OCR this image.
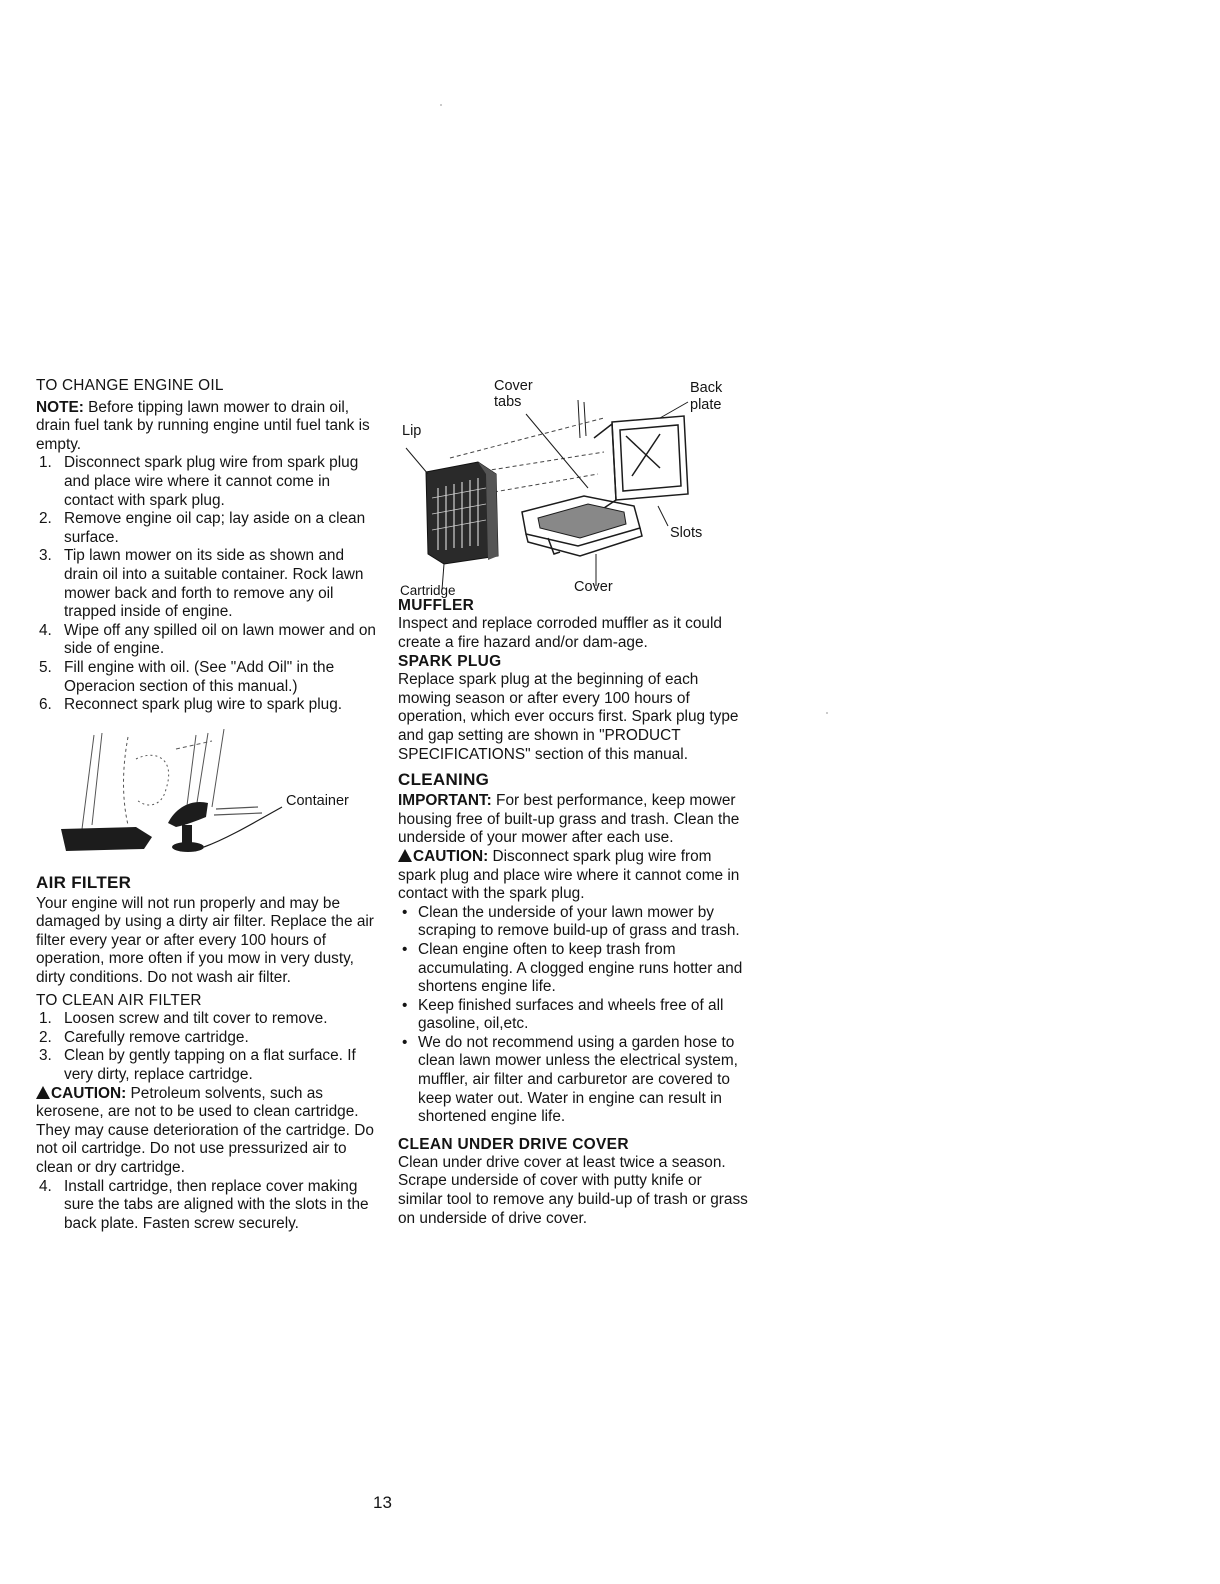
TO CHANGE ENGINE OIL

NOTE: Before tipping lawn mower to drain oil, drain fuel tank by running engine until fuel tank is empty.

1. Disconnect spark plug wire from spark plug and place wire where it cannot come in contact with spark plug.
2. Remove engine oil cap; lay aside on a clean surface.
3. Tip lawn mower on its side as shown and drain oil into a suitable container. Rock lawn mower back and forth to remove any oil trapped inside of engine.
4. Wipe off any spilled oil on lawn mower and on side of engine.
5. Fill engine with oil. (See "Add Oil" in the Operacion section of this manual.)
6. Reconnect spark plug wire to spark plug.
Container

AIR FILTER

Your engine will not run properly and may be damaged by using a dirty air filter. Replace the air filter every year or after every 100 hours of operation, more often if you mow in very dusty, dirty conditions. Do not wash air filter.

TO CLEAN AIR FILTER

1. Loosen screw and tilt cover to remove.
2. Carefully remove cartridge.
3. Clean by gently tapping on a flat surface. If very dirty, replace cartridge.

CAUTION: Petroleum solvents, such as kerosene, are not to be used to clean cartridge. They may cause deterioration of the cartridge. Do not oil cartridge. Do not use pressurized air to clean or dry cartridge.

4. Install cartridge, then replace cover making sure the tabs are aligned with the slots in the back plate. Fasten screw securely.
Cover
tabs
Back
plate
Lip
Slots
Cover
Cartridge

MUFFLER

Inspect and replace corroded muffler as it could create a fire hazard and/or dam-age.

SPARK PLUG

Replace spark plug at the beginning of each mowing season or after every 100 hours of operation, which ever occurs first. Spark plug type and gap setting are shown in "PRODUCT SPECIFICATIONS" section of this manual.

CLEANING

IMPORTANT: For best performance, keep mower housing free of built-up grass and trash. Clean the underside of your mower after each use.

CAUTION: Disconnect spark plug wire from spark plug and place wire where it cannot come in contact with the spark plug.

• Clean the underside of your lawn mower by scraping to remove build-up of grass and trash.
• Clean engine often to keep trash from accumulating. A clogged engine runs hotter and shortens engine life.
• Keep finished surfaces and wheels free of all gasoline, oil,etc.
• We do not recommend using a garden hose to clean lawn mower unless the electrical system, muffler, air filter and carburetor are covered to keep water out. Water in engine can result in shortened engine life.

CLEAN UNDER DRIVE COVER

Clean under drive cover at least twice a season. Scrape underside of cover with putty knife or similar tool to remove any build-up of trash or grass on underside of drive cover.

13
